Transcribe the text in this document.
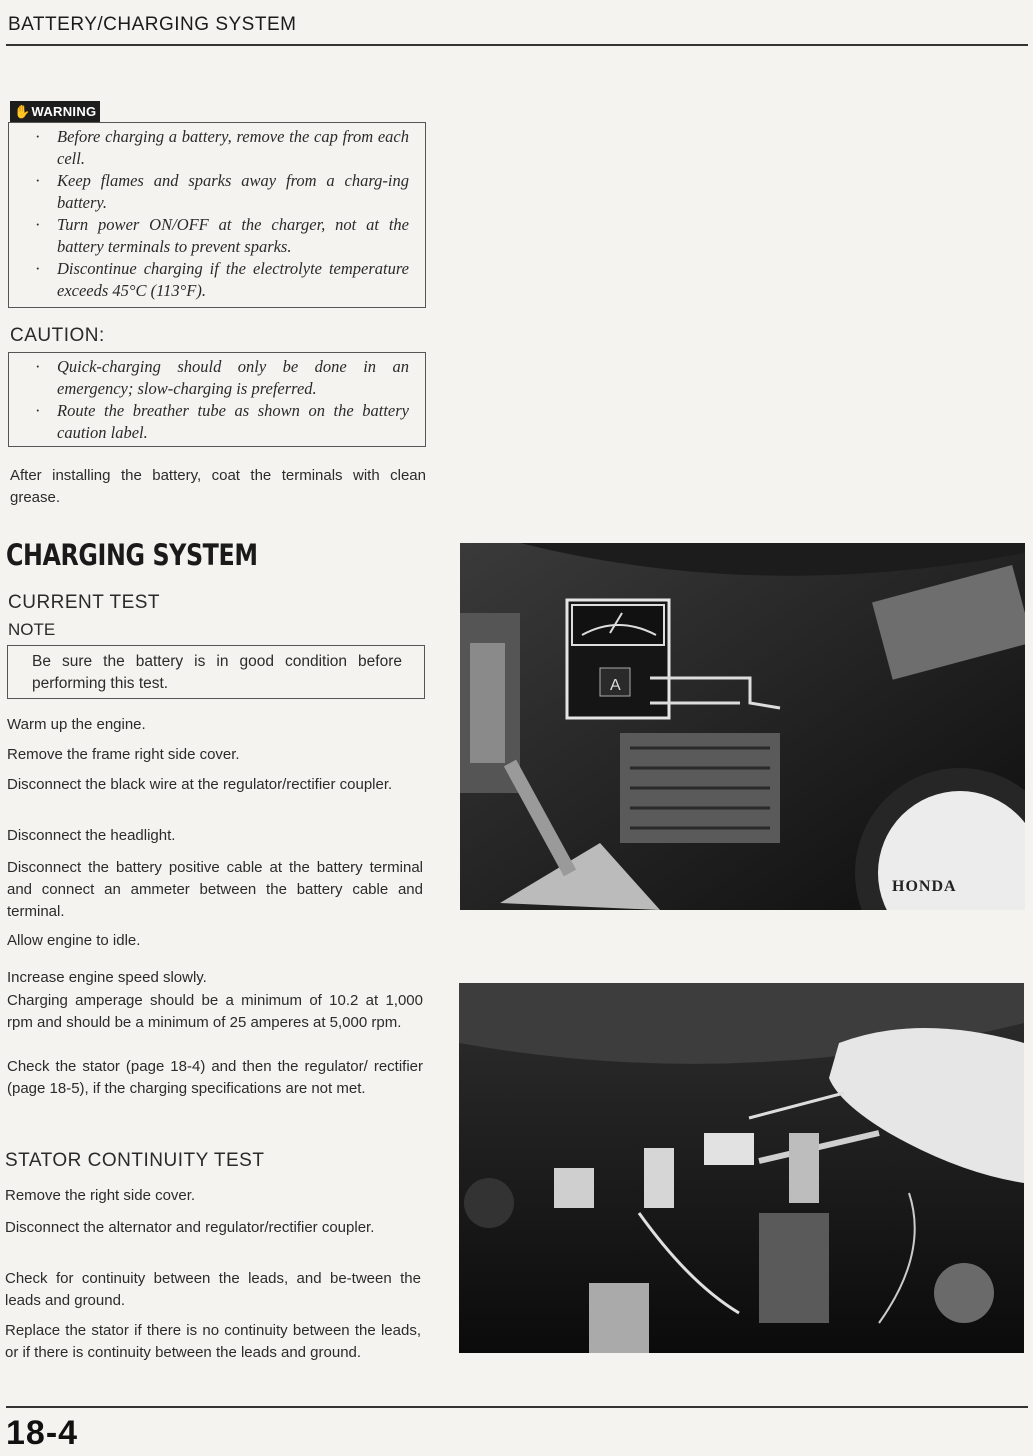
BATTERY/CHARGING SYSTEM
✋WARNING
· Before charging a battery, remove the cap from each cell.
· Keep flames and sparks away from a charg-ing battery.
· Turn power ON/OFF at the charger, not at the battery terminals to prevent sparks.
· Discontinue charging if the electrolyte temperature exceeds 45°C (113°F).
CAUTION:
· Quick-charging should only be done in an emergency; slow-charging is preferred.
· Route the breather tube as shown on the battery caution label.
After installing the battery, coat the terminals with clean grease.
CHARGING SYSTEM
CURRENT TEST
NOTE
Be sure the battery is in good condition before performing this test.
Warm up the engine.
Remove the frame right side cover.
Disconnect the black wire at the regulator/rectifier coupler.
Disconnect the headlight.
Disconnect the battery positive cable at the battery terminal and connect an ammeter between the battery cable and terminal.
Allow engine to idle.
Increase engine speed slowly.
Charging amperage should be a minimum of 10.2 at 1,000 rpm and should be a minimum of 25 amperes at 5,000 rpm.
Check the stator (page 18-4) and then the regulator/ rectifier (page 18-5), if the charging specifications are not met.
STATOR CONTINUITY TEST
Remove the right side cover.
Disconnect the alternator and regulator/rectifier coupler.
Check for continuity between the leads, and be-tween the leads and ground.
Replace the stator if there is no continuity between the leads, or if there is continuity between the leads and ground.
HONDA
A
18-4
